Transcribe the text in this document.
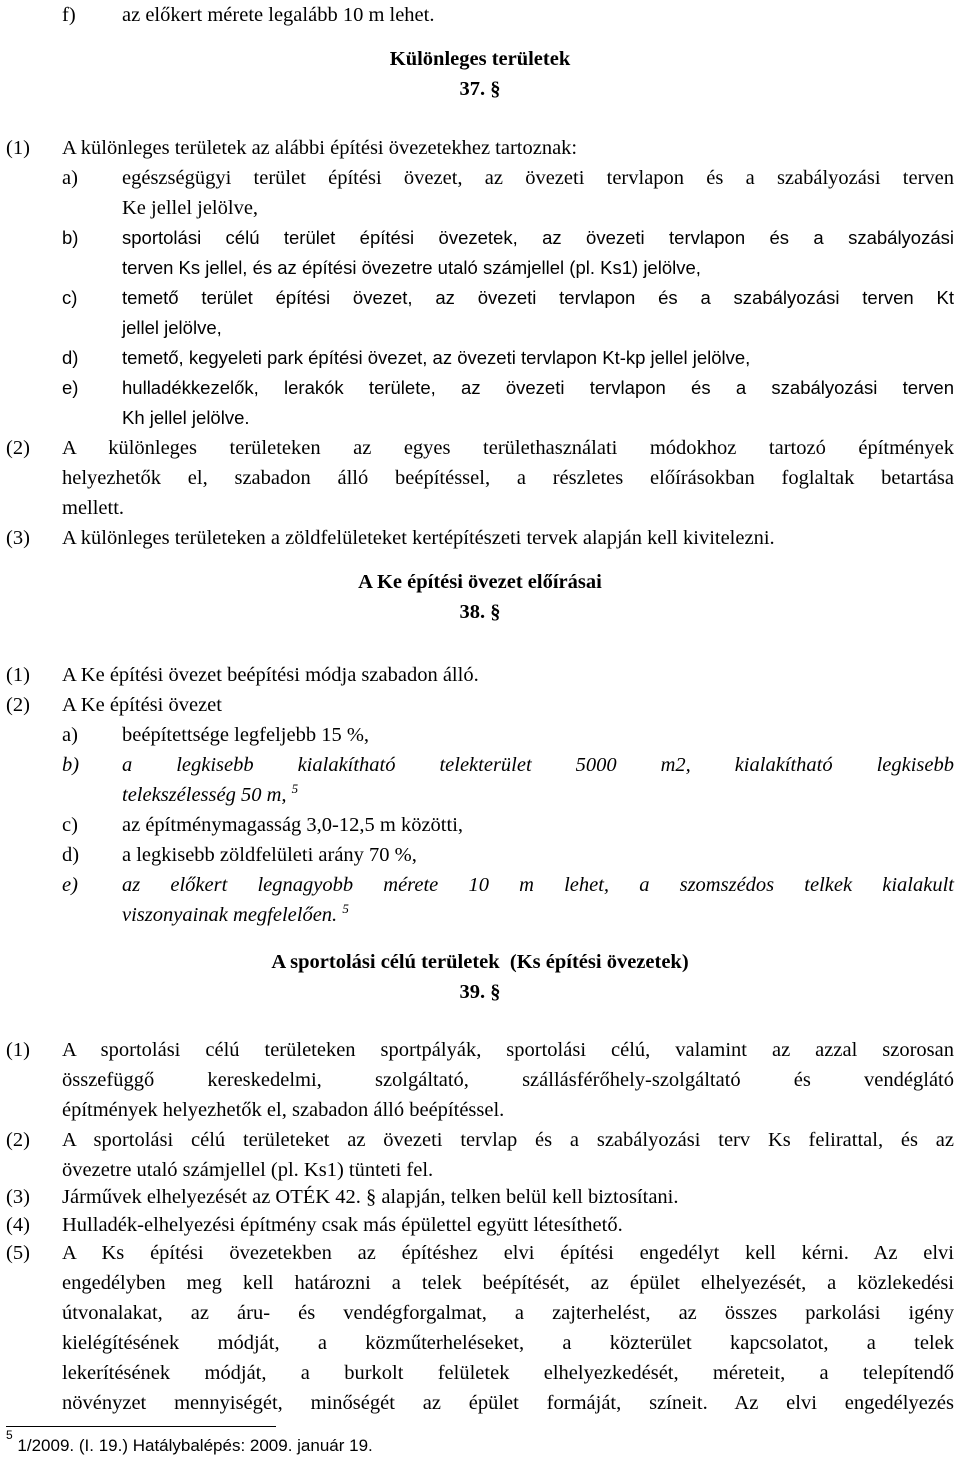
f) az előkert mérete legalább 10 m lehet.
Különleges területek
37. §
(1) A különleges területek az alábbi építési övezetekhez tartoznak:
a) egészségügyi terület építési övezet, az övezeti tervlapon és a szabályozási terven
Ke jellel jelölve,
b) sportolási célú terület építési övezetek, az övezeti tervlapon és a szabályozási
terven Ks jellel, és az építési övezetre utaló számjellel (pl. Ks1) jelölve,
c) temető terület építési övezet, az övezeti tervlapon és a szabályozási terven Kt
jellel jelölve,
d) temető, kegyeleti park építési övezet, az övezeti tervlapon Kt-kp jellel jelölve,
e) hulladékkezelők, lerakók területe, az övezeti tervlapon és a szabályozási terven
Kh jellel jelölve.
(2) A különleges területeken az egyes területhasználati módokhoz tartozó építmények
helyezhetők el, szabadon álló beépítéssel, a részletes előírásokban foglaltak betartása
mellett.
(3) A különleges területeken a zöldfelületeket kertépítészeti tervek alapján kell kivitelezni.
A Ke építési övezet előírásai
38. §
(1) A Ke építési övezet beépítési módja szabadon álló.
(2) A Ke építési övezet
a) beépítettsége legfeljebb 15 %,
b) a legkisebb kialakítható telekterület 5000 m2, kialakítható legkisebb
telekszélesség 50 m, $^5$
c) az építménymagasság 3,0-12,5 m közötti,
d) a legkisebb zöldfelületi arány 70 %,
e) az előkert legnagyobb mérete 10 m lehet, a szomszédos telkek kialakult
viszonyainak megfelelően. $^5$
A sportolási célú területek  (Ks építési övezetek)
39. §
(1) A sportolási célú területeken sportpályák, sportolási célú, valamint az azzal szorosan
összefüggő kereskedelmi, szolgáltató, szállásférőhely-szolgáltató és vendéglátó
építmények helyezhetők el, szabadon álló beépítéssel.
(2) A sportolási célú területeket az övezeti tervlap és a szabályozási terv Ks felirattal, és az
övezetre utaló számjellel (pl. Ks1) tünteti fel.
(3) Járművek elhelyezését az OTÉK 42. § alapján, telken belül kell biztosítani.
(4) Hulladék-elhelyezési építmény csak más épülettel együtt létesíthető.
(5) A Ks építési övezetekben az építéshez elvi építési engedélyt kell kérni. Az elvi
engedélyben meg kell határozni a telek beépítését, az épület elhelyezését, a közlekedési
útvonalakat, az áru- és vendégforgalmat, a zajterhelést, az összes parkolási igény
kielégítésének módját, a közműterheléseket, a közterület kapcsolatot, a telek
lekerítésének módját, a burkolt felületek elhelyezkedését, méreteit, a telepítendő
növényzet mennyiségét, minőségét az épület formáját, színeit. Az elvi engedélyezés
$^5$ 1/2009. (I. 19.) Hatálybalépés: 2009. január 19.
